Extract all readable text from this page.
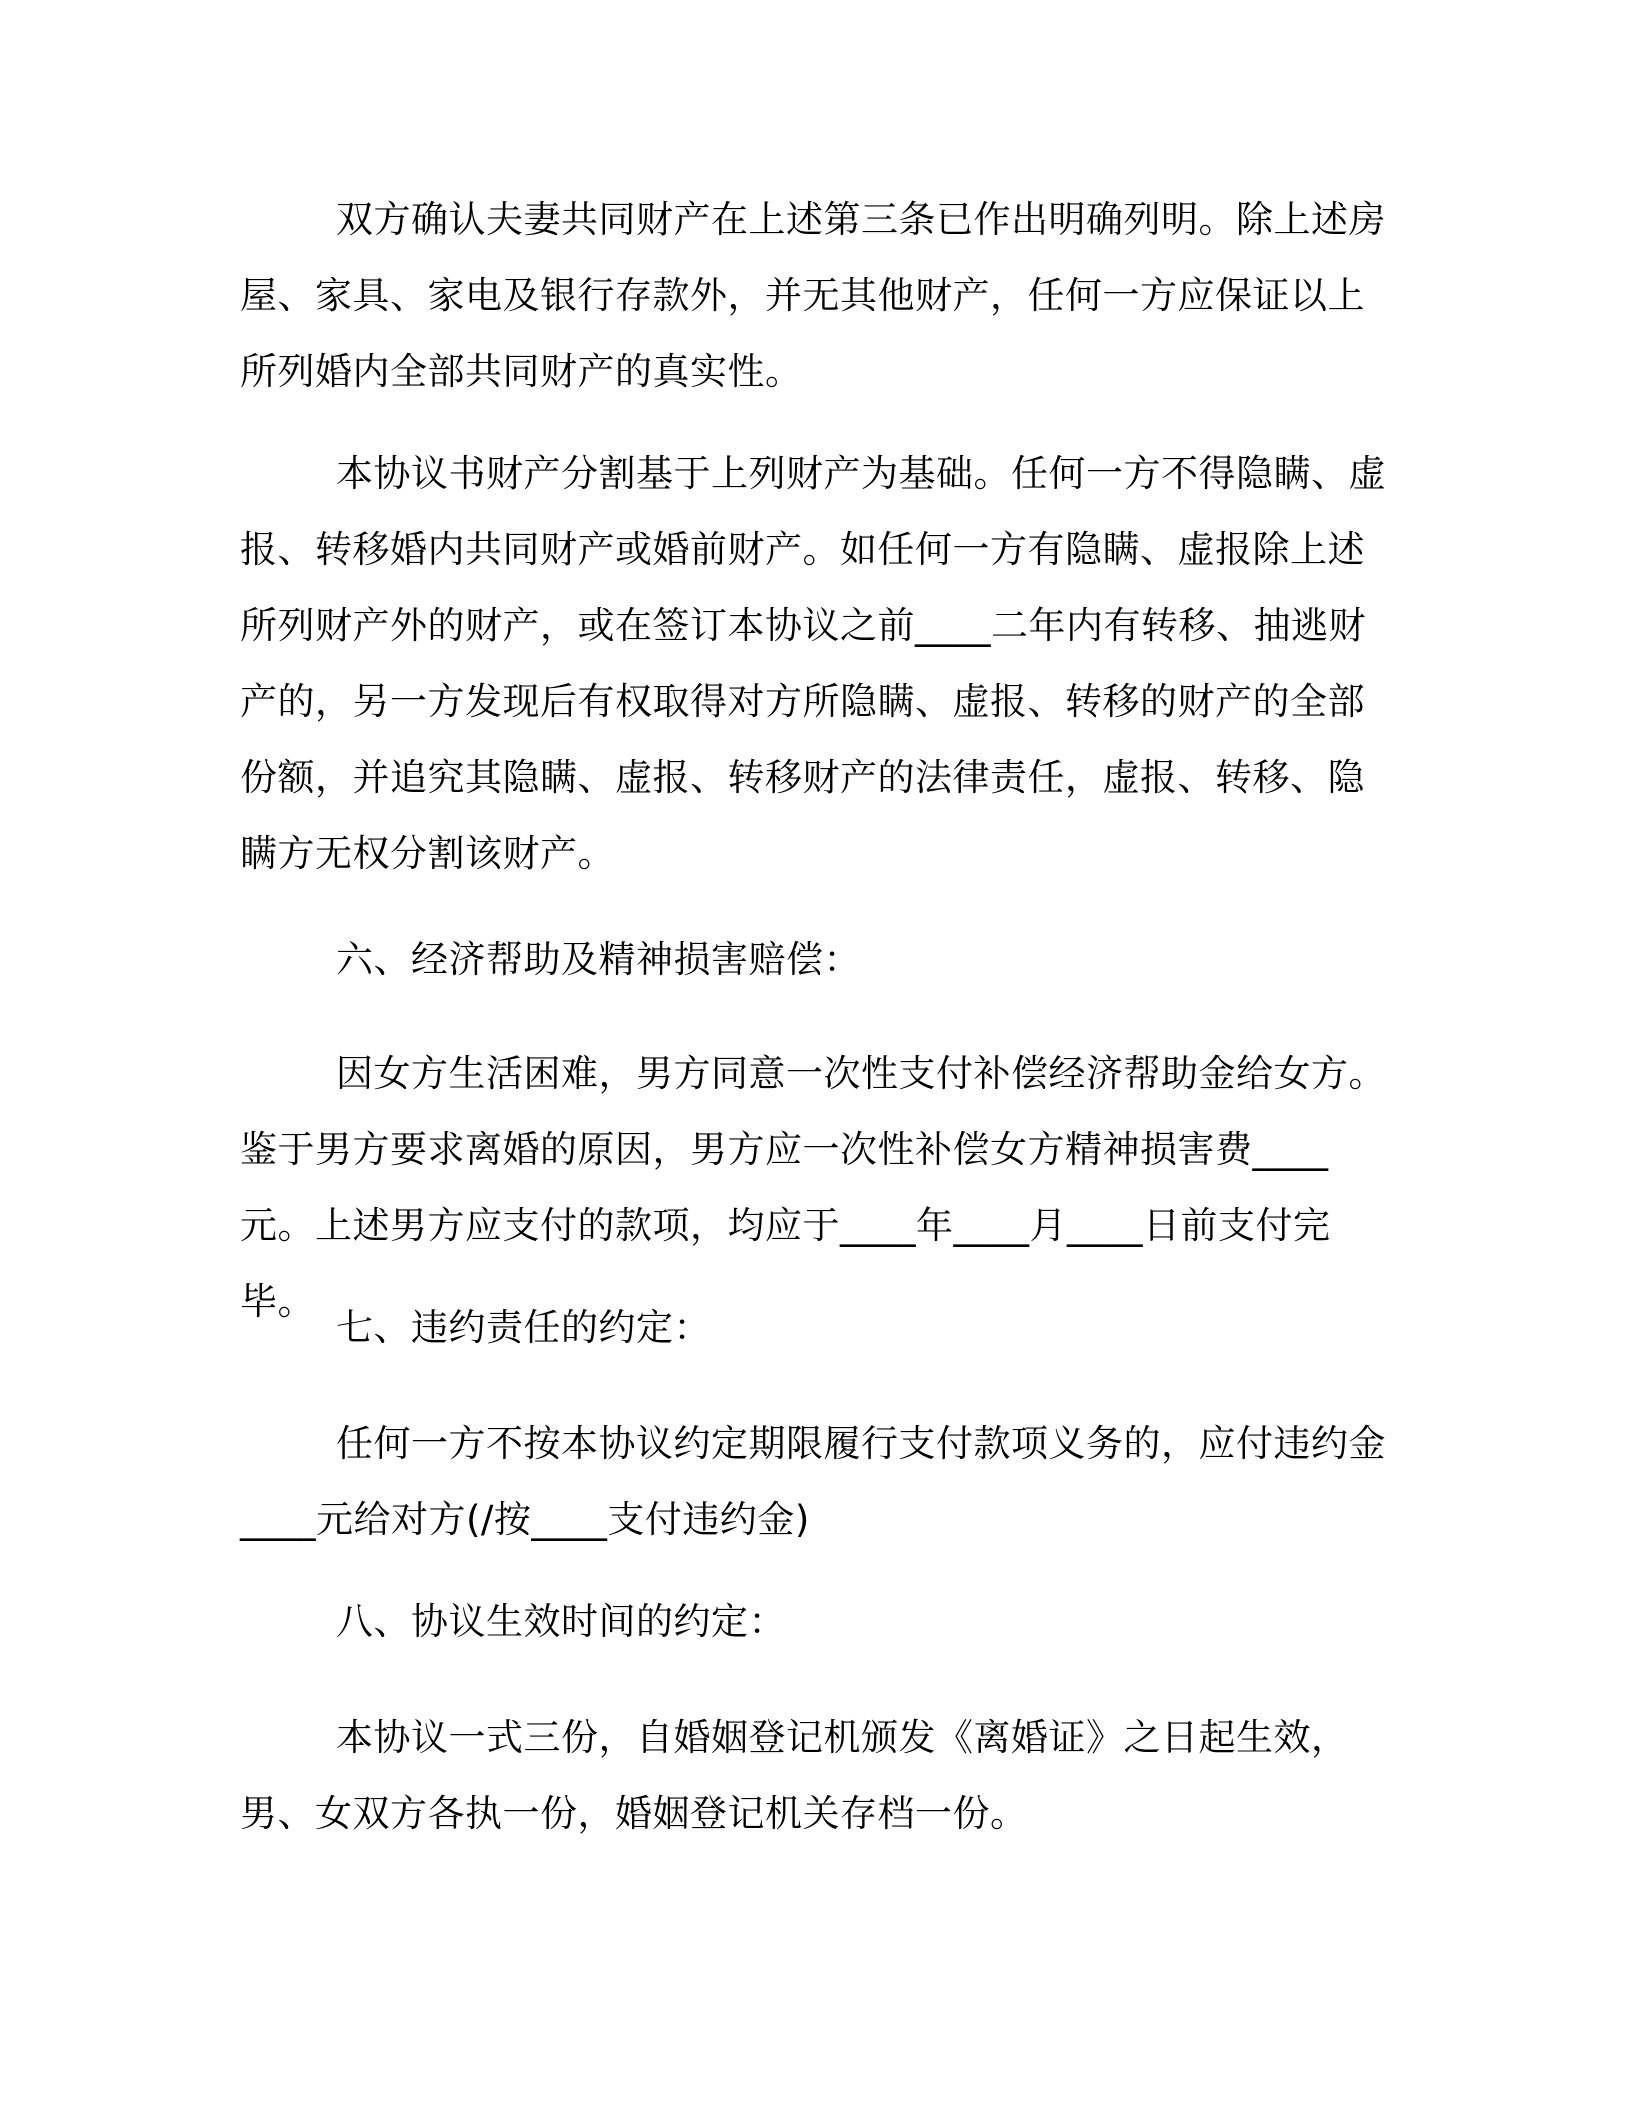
双方确认夫妻共同财产在上述第三条已作出明确列明。除上述房屋、家具、家电及银行存款外，并无其他财产，任何一方应保证以上所列婚内全部共同财产的真实性。

本协议书财产分割基于上列财产为基础。任何一方不得隐瞒、虚报、转移婚内共同财产或婚前财产。如任何一方有隐瞒、虚报除上述所列财产外的财产，或在签订本协议之前____二年内有转移、抽逃财产的，另一方发现后有权取得对方所隐瞒、虚报、转移的财产的全部份额，并追究其隐瞒、虚报、转移财产的法律责任，虚报、转移、隐瞒方无权分割该财产。

六、经济帮助及精神损害赔偿：

因女方生活困难，男方同意一次性支付补偿经济帮助金给女方。鉴于男方要求离婚的原因，男方应一次性补偿女方精神损害费____元。上述男方应支付的款项，均应于____年____月____日前支付完毕。

七、违约责任的约定：

任何一方不按本协议约定期限履行支付款项义务的，应付违约金____元给对方(/按____支付违约金)

八、协议生效时间的约定：

本协议一式三份，自婚姻登记机颁发《离婚证》之日起生效，男、女双方各执一份，婚姻登记机关存档一份。
